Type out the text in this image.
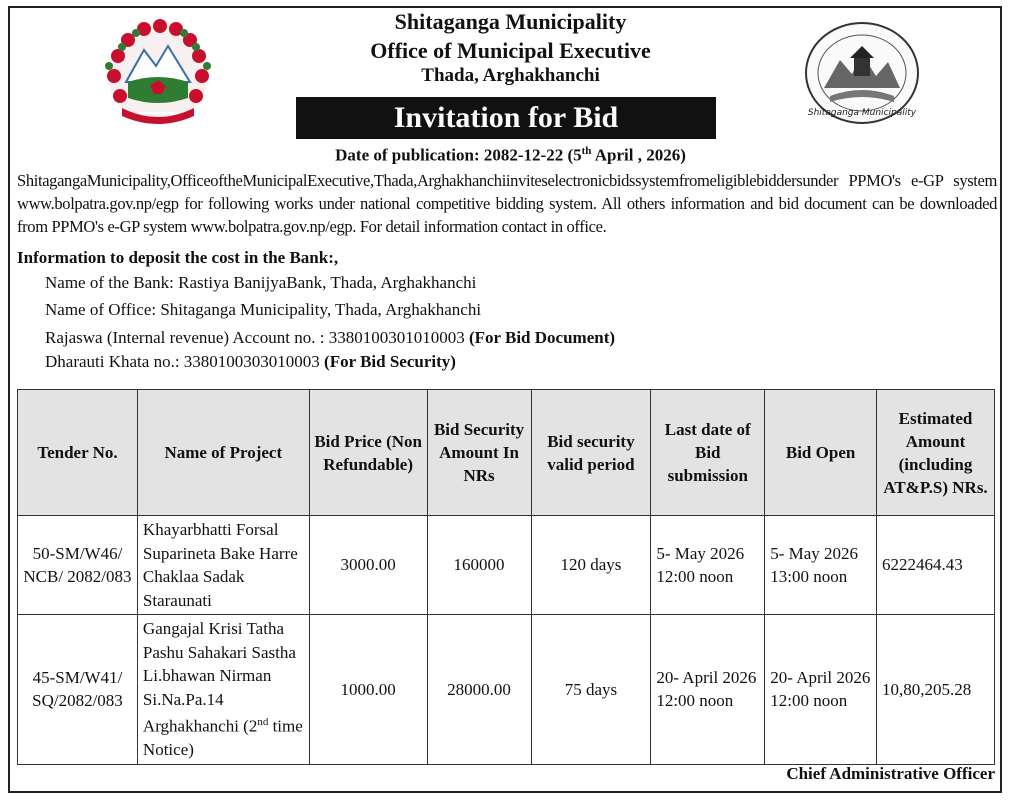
Shitaganga Municipality
Shitaganga Municipality
Office of Municipal Executive
Thada, Arghakhanchi
Invitation for Bid
Date of publication: 2082-12-22 (5th April , 2026)
ShitagangaMunicipality,OfficeoftheMunicipalExecutive,Thada,Arghakhanchiinviteselectronicbidssystemfromeligiblebiddersunder PPMO's e-GP system www.bolpatra.gov.np/egp for following works under national competitive bidding system. All others information and bid document can be downloaded from PPMO's e-GP system www.bolpatra.gov.np/egp. For detail information contact in office.
Information to deposit the cost in the Bank:,
Name of the Bank: Rastiya BanijyaBank, Thada, Arghakhanchi
Name of Office: Shitaganga Municipality, Thada, Arghakhanchi
Rajaswa (Internal revenue) Account no. : 3380100301010003 (For Bid Document)
Dharauti Khata no.: 3380100303010003 (For Bid Security)
Tender No.	Name of Project	Bid Price (Non Refundable)	Bid Security Amount In NRs	Bid security valid period	Last date of Bid submission	Bid Open	Estimated Amount (including AT&P.S) NRs.
50-SM/W46/ NCB/ 2082/083	Khayarbhatti Forsal Suparineta Bake Harre Chaklaa Sadak Staraunati	3000.00	160000	120 days	5- May 2026 12:00 noon	5- May 2026 13:00 noon	6222464.43
45-SM/W41/ SQ/2082/083	Gangajal Krisi Tatha Pashu Sahakari Sastha Li.bhawan Nirman Si.Na.Pa.14 Arghakhanchi (2nd time Notice)	1000.00	28000.00	75 days	20- April 2026 12:00 noon	20- April 2026 12:00 noon	10,80,205.28
Chief Administrative Officer
